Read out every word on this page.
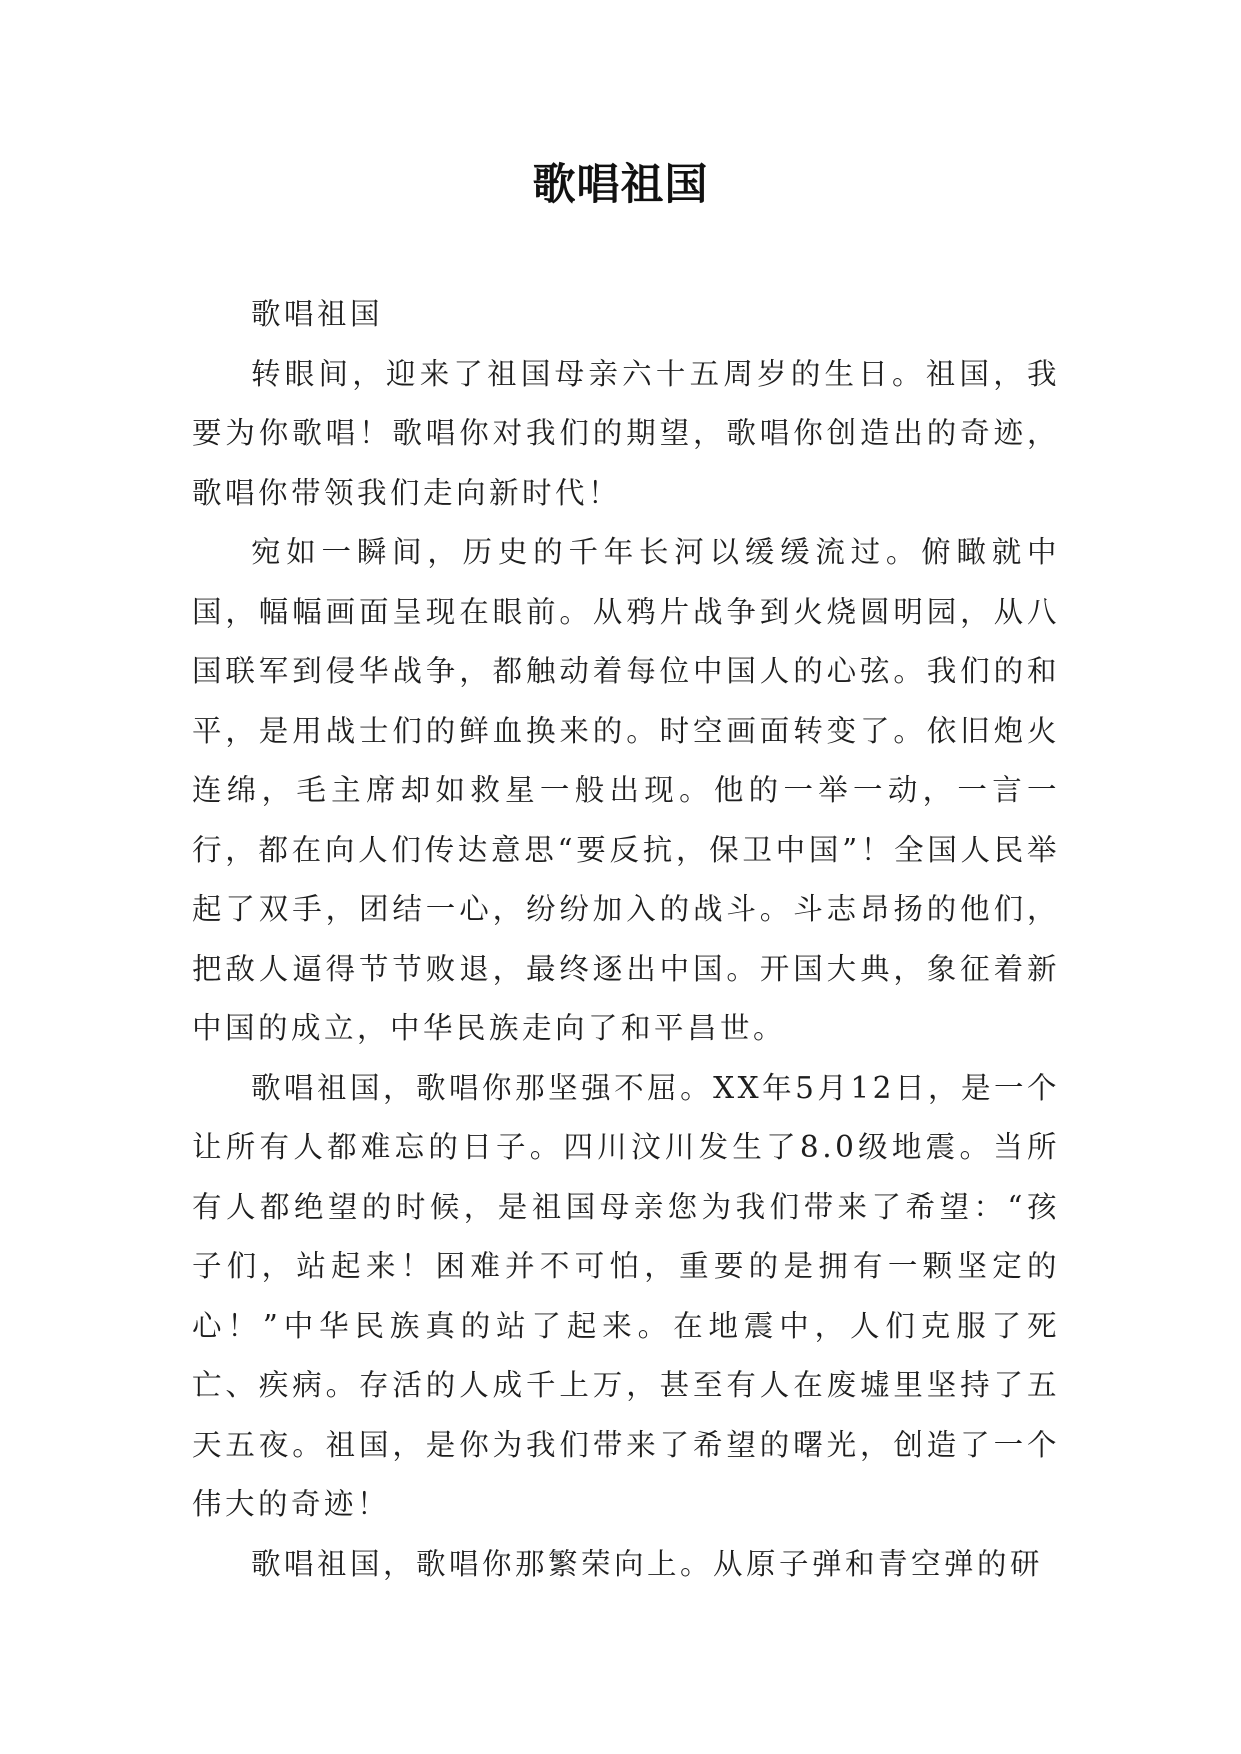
歌唱祖国

歌唱祖国

转眼间，迎来了祖国母亲六十五周岁的生日。祖国，我要为你歌唱！歌唱你对我们的期望，歌唱你创造出的奇迹，歌唱你带领我们走向新时代！

宛如一瞬间，历史的千年长河以缓缓流过。俯瞰就中国，幅幅画面呈现在眼前。从鸦片战争到火烧圆明园，从八国联军到侵华战争，都触动着每位中国人的心弦。我们的和平，是用战士们的鲜血换来的。时空画面转变了。依旧炮火连绵，毛主席却如救星一般出现。他的一举一动，一言一行，都在向人们传达意思“要反抗，保卫中国”！全国人民举起了双手，团结一心，纷纷加入的战斗。斗志昂扬的他们，把敌人逼得节节败退，最终逐出中国。开国大典，象征着新中国的成立，中华民族走向了和平昌世。

歌唱祖国，歌唱你那坚强不屈。XX年5月12日，是一个让所有人都难忘的日子。四川汶川发生了8.0级地震。当所有人都绝望的时候，是祖国母亲您为我们带来了希望：“孩子们，站起来！困难并不可怕，重要的是拥有一颗坚定的心！”中华民族真的站了起来。在地震中，人们克服了死亡、疾病。存活的人成千上万，甚至有人在废墟里坚持了五天五夜。祖国，是你为我们带来了希望的曙光，创造了一个伟大的奇迹！

歌唱祖国，歌唱你那繁荣向上。从原子弹和青空弹的研
